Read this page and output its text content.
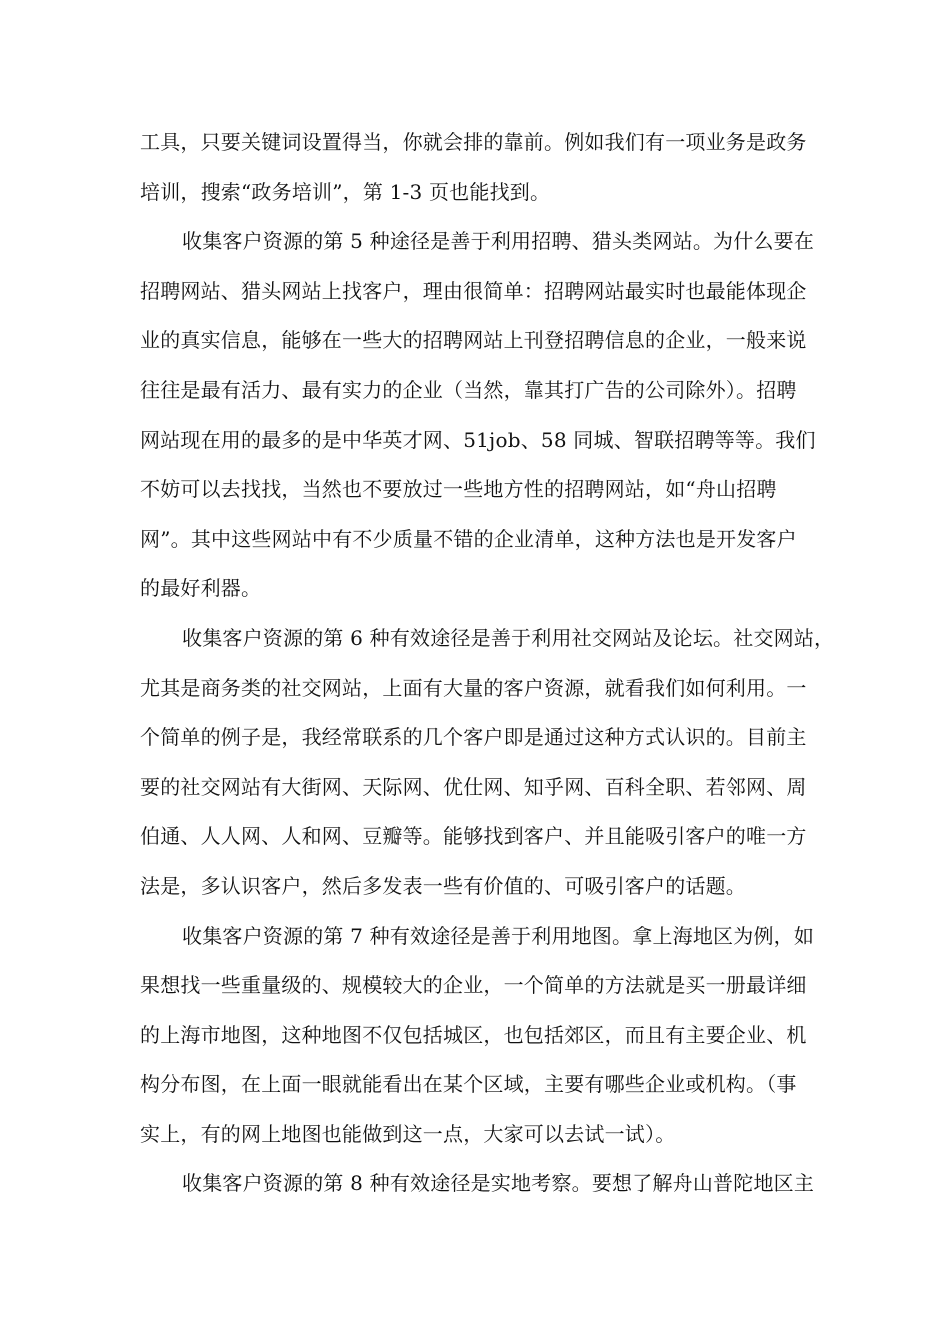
工具，只要关键词设置得当，你就会排的靠前。例如我们有一项业务是政务
培训，搜索“政务培训”，第 1-3 页也能找到。
收集客户资源的第 5 种途径是善于利用招聘、猎头类网站。为什么要在
招聘网站、猎头网站上找客户，理由很简单：招聘网站最实时也最能体现企
业的真实信息，能够在一些大的招聘网站上刊登招聘信息的企业，一般来说
往往是最有活力、最有实力的企业（当然，靠其打广告的公司除外）。招聘
网站现在用的最多的是中华英才网、51job、58 同城、智联招聘等等。我们
不妨可以去找找，当然也不要放过一些地方性的招聘网站，如“舟山招聘
网”。其中这些网站中有不少质量不错的企业清单，这种方法也是开发客户
的最好利器。
收集客户资源的第 6 种有效途径是善于利用社交网站及论坛。社交网站，
尤其是商务类的社交网站，上面有大量的客户资源，就看我们如何利用。一
个简单的例子是，我经常联系的几个客户即是通过这种方式认识的。目前主
要的社交网站有大街网、天际网、优仕网、知乎网、百科全职、若邻网、周
伯通、人人网、人和网、豆瓣等。能够找到客户、并且能吸引客户的唯一方
法是，多认识客户，然后多发表一些有价值的、可吸引客户的话题。
收集客户资源的第 7 种有效途径是善于利用地图。拿上海地区为例，如
果想找一些重量级的、规模较大的企业，一个简单的方法就是买一册最详细
的上海市地图，这种地图不仅包括城区，也包括郊区，而且有主要企业、机
构分布图，在上面一眼就能看出在某个区域，主要有哪些企业或机构。（事
实上，有的网上地图也能做到这一点，大家可以去试一试）。
收集客户资源的第 8 种有效途径是实地考察。要想了解舟山普陀地区主
